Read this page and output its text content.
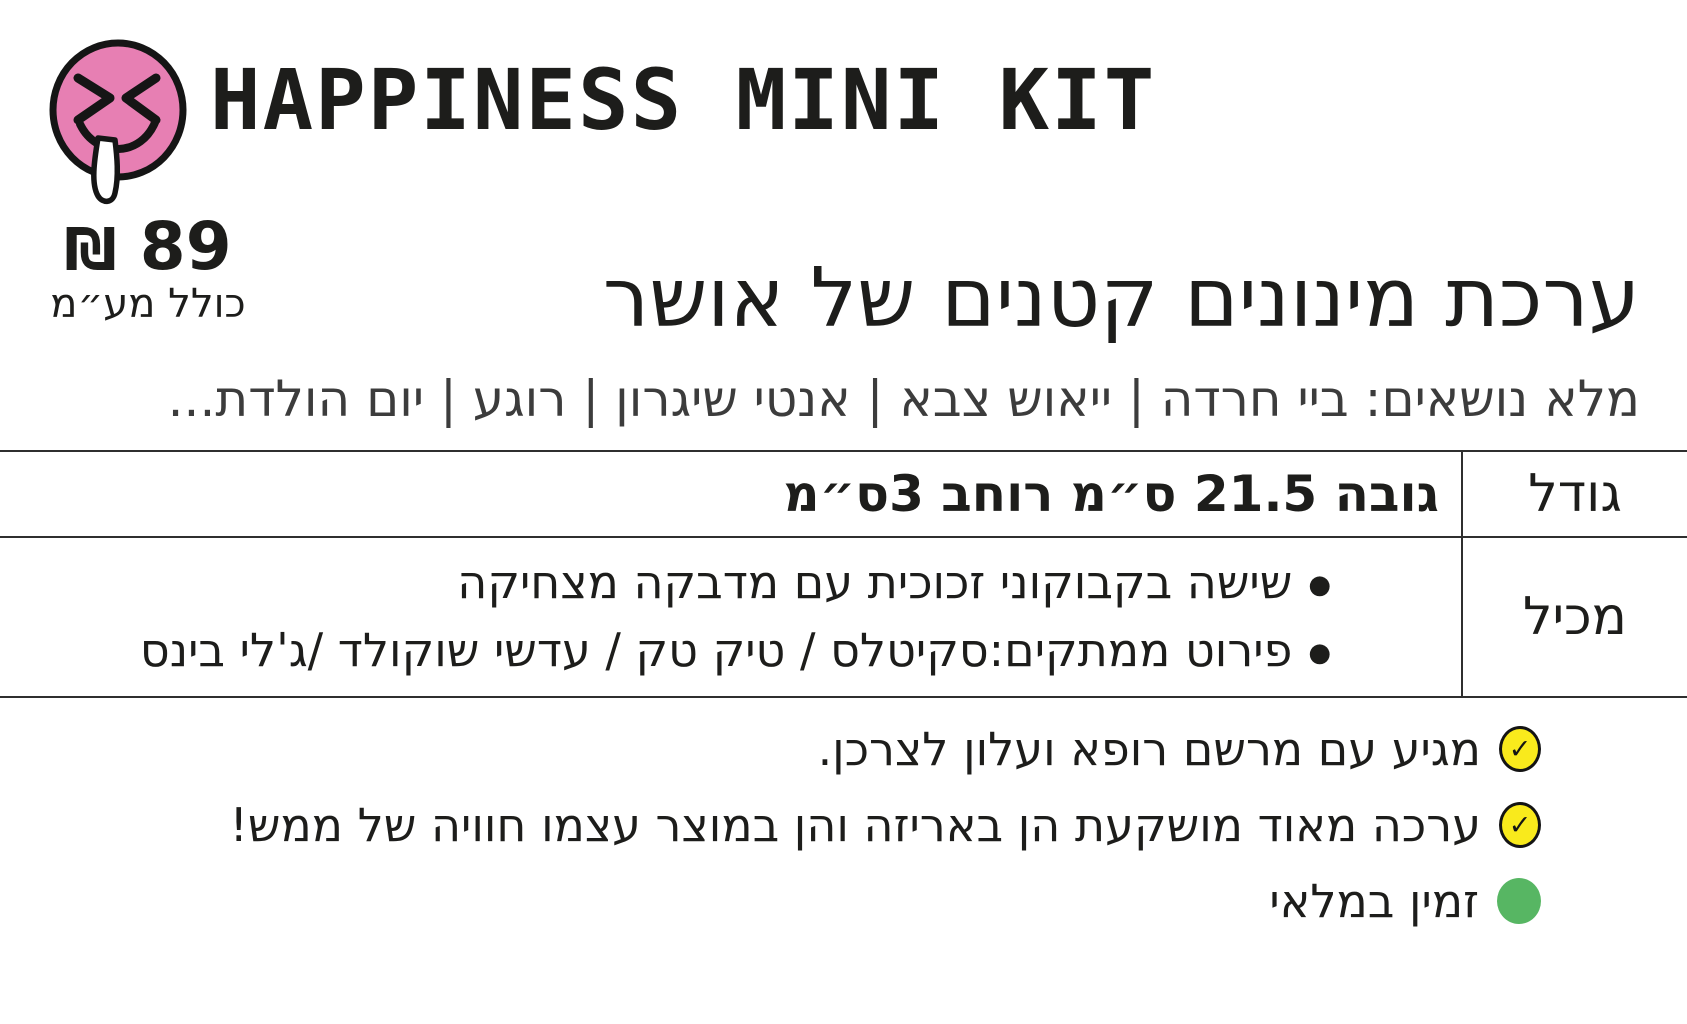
HAPPINESS MINI KIT
89 ₪
כולל מע״מ	ערכת מינונים קטנים של אושר
מלא נושאים: ביי חרדה | ייאוש צבא | אנטי שיגרון | רוגע | יום הולדת...
גודל
גובה 21.5 ס״מ רוחב 3ס״מ
מכיל
●
שישה בקבוקוני זכוכית עם מדבקה מצחיקה
●
פירוט ממתקים:סקיטלס / טיק טק / עדשי שוקולד /ג'לי בינס
✓
מגיע עם מרשם רופא ועלון לצרכן.
✓
ערכה מאוד מושקעת הן באריזה והן במוצר עצמו חוויה של ממש!
זמין במלאי
